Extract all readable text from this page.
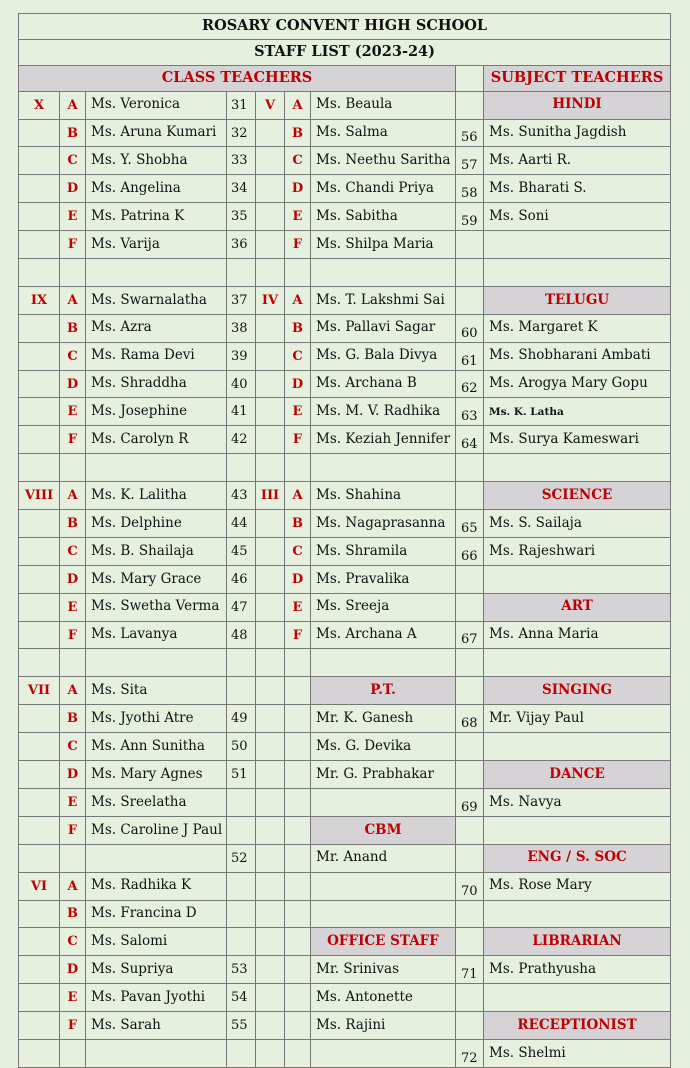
ROSARY CONVENT HIGH SCHOOL								
STAFF LIST (2023-24)								
CLASS TEACHERS								SUBJECT TEACHERS
X	A	Ms. Veronica	31	V	A	Ms. Beaula		HINDI
	B	Ms. Aruna Kumari	32		B	Ms. Salma	56	Ms. Sunitha Jagdish
	C	Ms. Y. Shobha	33		C	Ms. Neethu Saritha	57	Ms. Aarti R.
	D	Ms. Angelina	34		D	Ms. Chandi Priya	58	Ms. Bharati S.
	E	Ms. Patrina K	35		E	Ms. Sabitha	59	Ms. Soni
	F	Ms. Varija	36		F	Ms. Shilpa Maria		

IX	A	Ms. Swarnalatha	37	IV	A	Ms. T. Lakshmi Sai		TELUGU
	B	Ms. Azra	38		B	Ms. Pallavi Sagar	60	Ms. Margaret K
	C	Ms. Rama Devi	39		C	Ms. G. Bala Divya	61	Ms. Shobharani Ambati
	D	Ms. Shraddha	40		D	Ms. Archana B	62	Ms. Arogya Mary Gopu
	E	Ms. Josephine	41		E	Ms. M. V. Radhika	63	Ms. K. Latha
	F	Ms. Carolyn R	42		F	Ms. Keziah Jennifer	64	Ms. Surya Kameswari

VIII	A	Ms. K. Lalitha	43	III	A	Ms. Shahina		SCIENCE
	B	Ms. Delphine	44		B	Ms. Nagaprasanna	65	Ms. S. Sailaja
	C	Ms. B. Shailaja	45		C	Ms. Shramila	66	Ms. Rajeshwari
	D	Ms. Mary Grace	46		D	Ms. Pravalika		
	E	Ms. Swetha Verma	47		E	Ms. Sreeja		ART
	F	Ms. Lavanya	48		F	Ms. Archana A	67	Ms. Anna Maria

VII	A	Ms. Sita				P.T.		SINGING
	B	Ms. Jyothi Atre	49			Mr. K. Ganesh	68	Mr. Vijay Paul
	C	Ms. Ann Sunitha	50			Ms. G. Devika		
	D	Ms. Mary Agnes	51			Mr. G. Prabhakar		DANCE
	E	Ms. Sreelatha					69	Ms. Navya
	F	Ms. Caroline J Paul				CBM		
			52			Mr. Anand		ENG / S. SOC
VI	A	Ms. Radhika K					70	Ms. Rose Mary
	B	Ms. Francina D						
	C	Ms. Salomi				OFFICE STAFF		LIBRARIAN
	D	Ms. Supriya	53			Mr. Srinivas	71	Ms. Prathyusha
	E	Ms. Pavan Jyothi	54			Ms. Antonette		
	F	Ms. Sarah	55			Ms. Rajini		RECEPTIONIST
							72	Ms. Shelmi
